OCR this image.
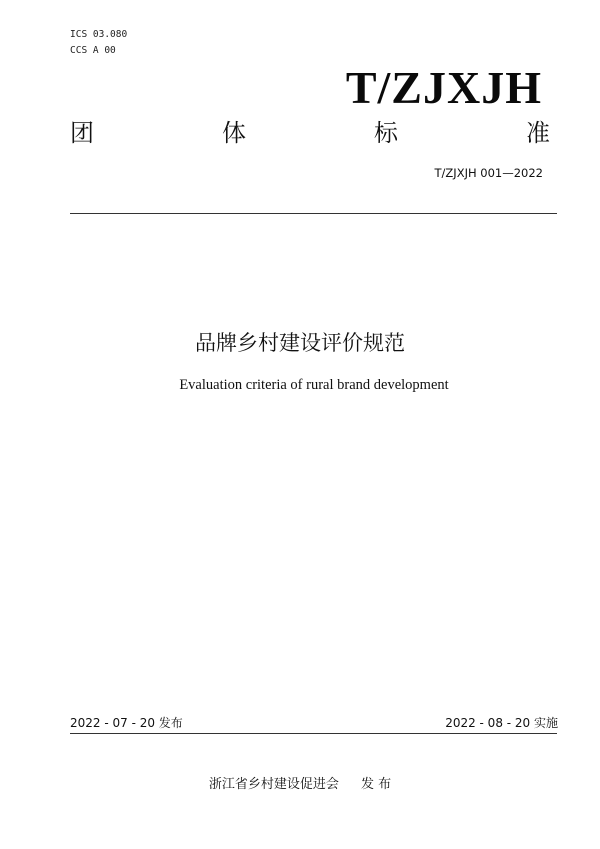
ICS 03.080
CCS A 00
T/ZJXJH
团	体	标	准
T/ZJXJH 001—2022
品牌乡村建设评价规范
Evaluation criteria of rural brand development
2022 - 07 - 20 发布	2022 - 08 - 20 实施
浙江省乡村建设促进会 发 布
